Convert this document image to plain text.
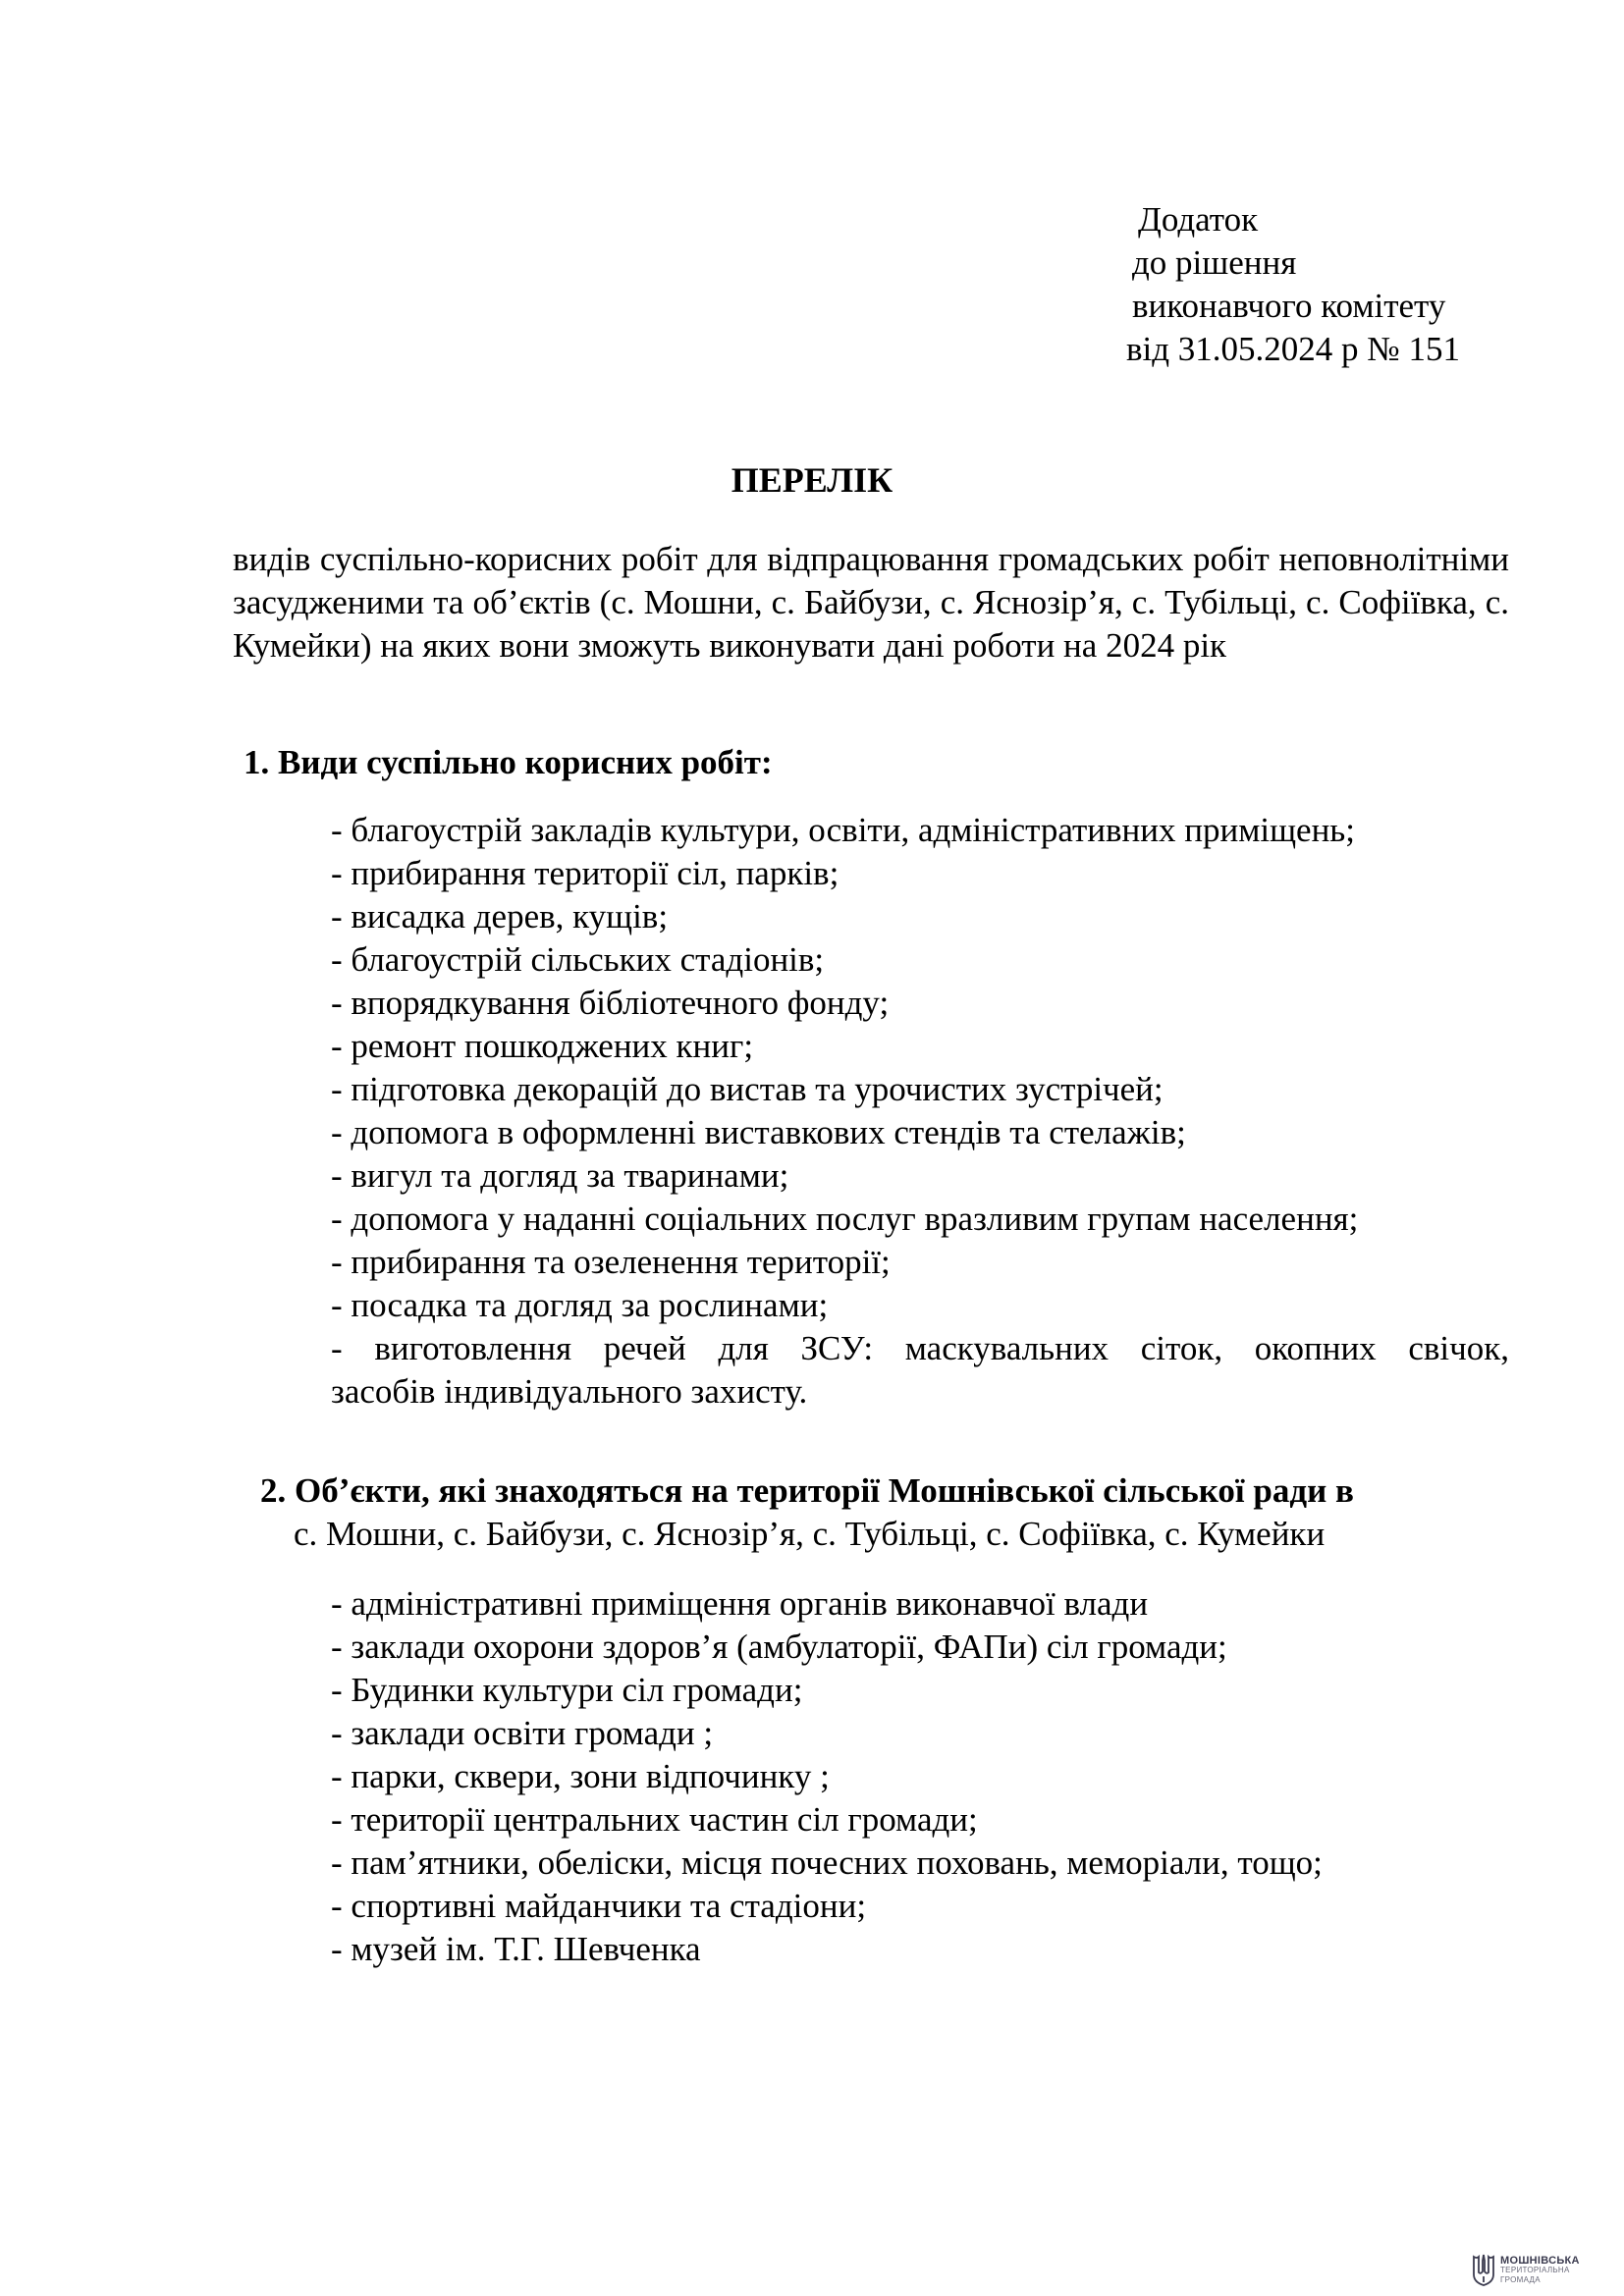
Додаток
до рішення
виконавчого комітету
від 31.05.2024 р № 151
ПЕРЕЛІК
видів суспільно-корисних робіт для відпрацювання громадських робіт неповнолітніми засудженими та об’єктів (с. Мошни, с. Байбузи, с. Яснозір’я, с. Тубільці, с. Софіївка, с. Кумейки) на яких вони зможуть виконувати дані роботи на 2024 рік
1. Види суспільно корисних робіт:
- благоустрій закладів культури, освіти, адміністративних приміщень;
- прибирання території сіл, парків;
- висадка дерев, кущів;
- благоустрій сільських стадіонів;
- впорядкування бібліотечного фонду;
- ремонт пошкоджених книг;
- підготовка декорацій до вистав та урочистих зустрічей;
- допомога в оформленні виставкових стендів та стелажів;
- вигул та догляд за тваринами;
- допомога у наданні соціальних послуг вразливим групам населення;
- прибирання та озеленення території;
- посадка та догляд за рослинами;
- виготовлення речей для ЗСУ: маскувальних сіток, окопних свічок,
засобів індивідуального захисту.
2. Об’єкти, які знаходяться на території Мошнівської сільської ради в
с. Мошни, с. Байбузи, с. Яснозір’я, с. Тубільці, с. Софіївка, с. Кумейки
- адміністративні приміщення органів виконавчої влади
- заклади охорони здоров’я (амбулаторії, ФАПи) сіл громади;
- Будинки культури сіл громади;
- заклади освіти громади ;
- парки, сквери, зони відпочинку ;
- території центральних частин сіл громади;
- пам’ятники, обеліски, місця почесних поховань, меморіали, тощо;
- спортивні майданчики та стадіони;
- музей ім. Т.Г. Шевченка
МОШНІВСЬКА
ТЕРИТОРІАЛЬНА
ГРОМАДА
